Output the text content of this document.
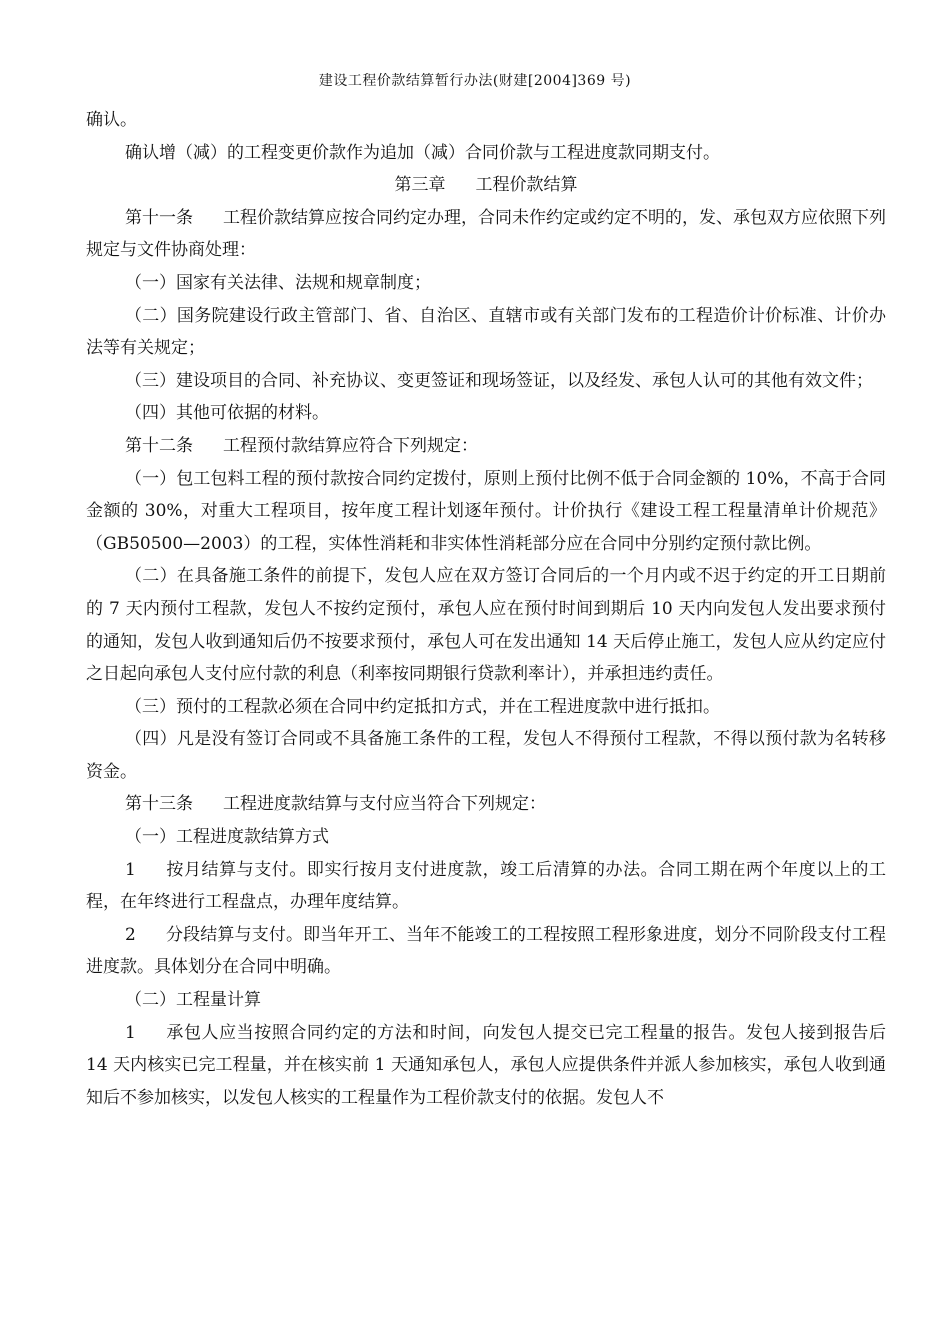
建设工程价款结算暂行办法(财建[2004]369 号)

确认。

确认增（减）的工程变更价款作为追加（减）合同价款与工程进度款同期支付。

第三章 工程价款结算

第十一条 工程价款结算应按合同约定办理，合同未作约定或约定不明的，发、承包双方应依照下列规定与文件协商处理：

（一）国家有关法律、法规和规章制度；

（二）国务院建设行政主管部门、省、自治区、直辖市或有关部门发布的工程造价计价标准、计价办法等有关规定；

（三）建设项目的合同、补充协议、变更签证和现场签证，以及经发、承包人认可的其他有效文件；

（四）其他可依据的材料。

第十二条 工程预付款结算应符合下列规定：

（一）包工包料工程的预付款按合同约定拨付，原则上预付比例不低于合同金额的 10%，不高于合同金额的 30%，对重大工程项目，按年度工程计划逐年预付。计价执行《建设工程工程量清单计价规范》（GB50500—2003）的工程，实体性消耗和非实体性消耗部分应在合同中分别约定预付款比例。

（二）在具备施工条件的前提下，发包人应在双方签订合同后的一个月内或不迟于约定的开工日期前的 7 天内预付工程款，发包人不按约定预付，承包人应在预付时间到期后 10 天内向发包人发出要求预付的通知，发包人收到通知后仍不按要求预付，承包人可在发出通知 14 天后停止施工，发包人应从约定应付之日起向承包人支付应付款的利息（利率按同期银行贷款利率计），并承担违约责任。

（三）预付的工程款必须在合同中约定抵扣方式，并在工程进度款中进行抵扣。

（四）凡是没有签订合同或不具备施工条件的工程，发包人不得预付工程款，不得以预付款为名转移资金。

第十三条 工程进度款结算与支付应当符合下列规定：

（一）工程进度款结算方式

1 按月结算与支付。即实行按月支付进度款，竣工后清算的办法。合同工期在两个年度以上的工程，在年终进行工程盘点，办理年度结算。

2 分段结算与支付。即当年开工、当年不能竣工的工程按照工程形象进度，划分不同阶段支付工程进度款。具体划分在合同中明确。

（二）工程量计算

1 承包人应当按照合同约定的方法和时间，向发包人提交已完工程量的报告。发包人接到报告后 14 天内核实已完工程量，并在核实前 1 天通知承包人，承包人应提供条件并派人参加核实，承包人收到通知后不参加核实，以发包人核实的工程量作为工程价款支付的依据。发包人不
